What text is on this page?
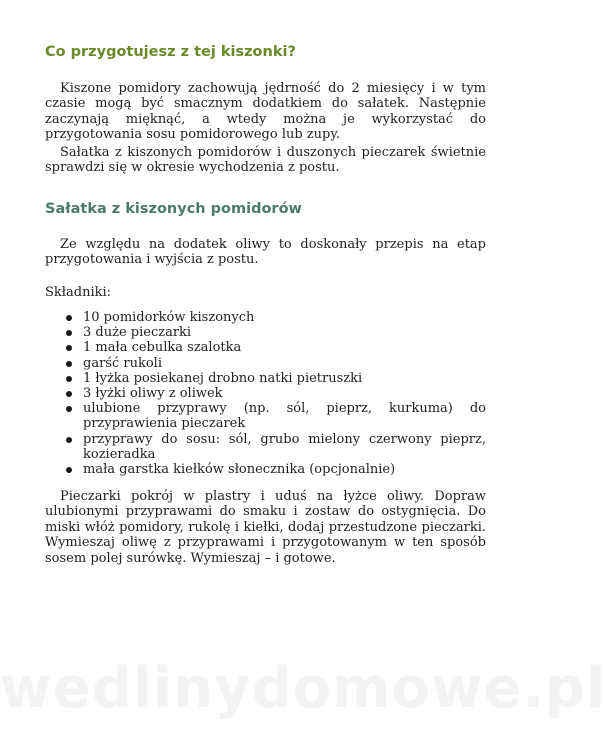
Co przygotujesz z tej kiszonki?

Kiszone pomidory zachowują jędrność do 2 miesięcy i w tym czasie mogą być smacznym dodatkiem do sałatek. Następnie zaczynają mięknąć, a wtedy można je wykorzystać do przygotowania sosu pomidorowego lub zupy.

Sałatka z kiszonych pomidorów i duszonych pieczarek świetnie sprawdzi się w okresie wychodzenia z postu.

Sałatka z kiszonych pomidorów

Ze względu na dodatek oliwy to doskonały przepis na etap przygotowania i wyjścia z postu.

Składniki:

10 pomidorków kiszonych
3 duże pieczarki
1 mała cebulka szalotka
garść rukoli
1 łyżka posiekanej drobno natki pietruszki
3 łyżki oliwy z oliwek
ulubione przyprawy (np. sól, pieprz, kurkuma) do przyprawienia pieczarek
przyprawy do sosu: sól, grubo mielony czerwony pieprz, kozieradka
mała garstka kiełków słonecznika (opcjonalnie)

Pieczarki pokrój w plastry i uduś na łyżce oliwy. Dopraw ulubionymi przyprawami do smaku i zostaw do ostygnięcia. Do miski włóż pomidory, rukolę i kiełki, dodaj przestudzone pieczarki. Wymieszaj oliwę z przyprawami i przygotowanym w ten sposób sosem polej surówkę. Wymieszaj – i gotowe.

wedlinydomowe.pl
